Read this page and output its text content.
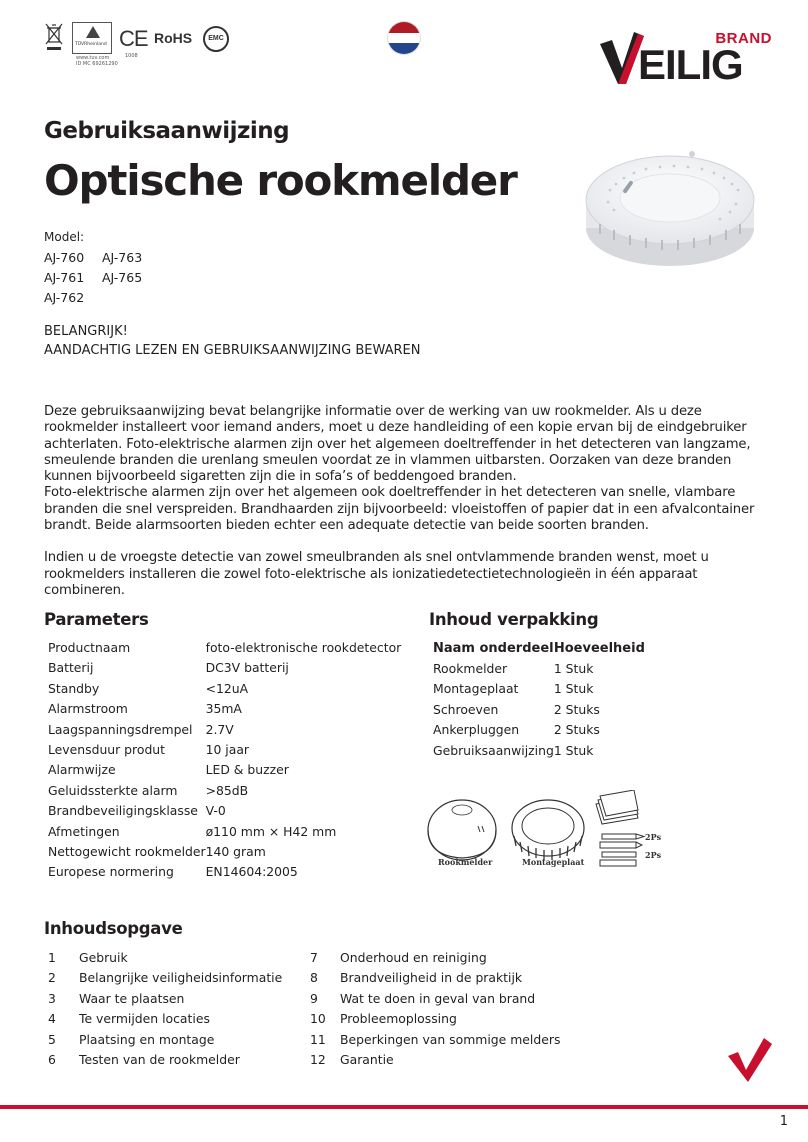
TÜVRheinland
www.tuv.com
ID MC 69261290
CE
1008
RoHS	EMC	BRAND
EILIG
Gebruiksaanwijzing
Optische rookmelder
Model:
AJ-760 AJ-763
AJ-761 AJ-765
AJ-762
BELANGRIJK!
AANDACHTIG LEZEN EN GEBRUIKSAANWIJZING BEWAREN

Deze gebruiksaanwijzing bevat belangrijke informatie over de werking van uw rookmelder. Als u deze rookmelder installeert voor iemand anders, moet u deze handleiding of een kopie ervan bij de eindgebruiker achterlaten. Foto-elektrische alarmen zijn over het algemeen doeltreffender in het detecteren van langzame, smeulende branden die urenlang smeulen voordat ze in vlammen uitbarsten. Oorzaken van deze branden kunnen bijvoorbeeld sigaretten zijn die in sofa’s of beddengoed branden.

Foto-elektrische alarmen zijn over het algemeen ook doeltreffender in het detecteren van snelle, vlambare branden die snel verspreiden. Brandhaarden zijn bijvoorbeeld: vloeistoffen of papier dat in een afvalcontainer brandt. Beide alarmsoorten bieden echter een adequate detectie van beide soorten branden.

Indien u de vroegste detectie van zowel smeulbranden als snel ontvlammende branden wenst, moet u rookmelders installeren die zowel foto-elektrische als ionizatiedetectietechnologieën in één apparaat combineren.

Parameters
Productnaam	foto-elektronische rookdetector
Batterij	DC3V batterij
Standby	<12uA
Alarmstroom	35mA
Laagspanningsdrempel	2.7V
Levensduur produt	10 jaar
Alarmwijze	LED & buzzer
Geluidssterkte alarm	>85dB
Brandbeveiligingsklasse	V-0
Afmetingen	ø110 mm × H42 mm
Nettogewicht rookmelder	140 gram
Europese normering	EN14604:2005
Inhoud verpakking
Naam onderdeel	Hoeveelheid
Rookmelder	1 Stuk
Montageplaat	1 Stuk
Schroeven	2 Stuks
Ankerpluggen	2 Stuks
Gebruiksaanwijzing	1 Stuk
Rookmelder	Montageplaat
2Ps
2Ps
Inhoudsopgave
1 Gebruik
2 Belangrijke veiligheidsinformatie
3 Waar te plaatsen
4 Te vermijden locaties
5 Plaatsing en montage
6 Testen van de rookmelder
7 Onderhoud en reiniging
8 Brandveiligheid in de praktijk
9 Wat te doen in geval van brand
10 Probleemoplossing
11 Beperkingen van sommige melders
12 Garantie
1
